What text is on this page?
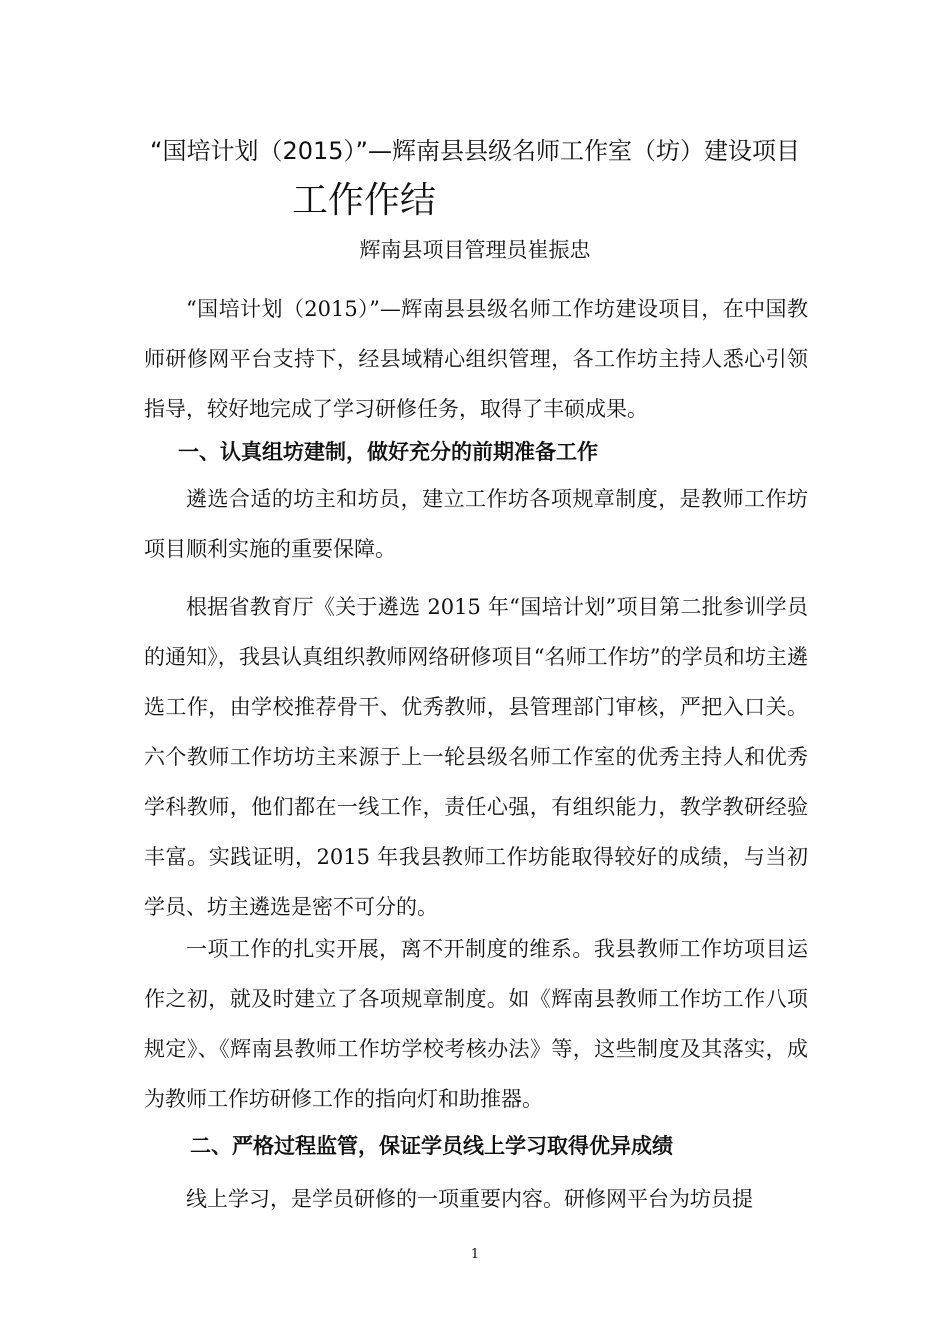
“国培计划（2015）”—辉南县县级名师工作室（坊）建设项目
工作作结
辉南县项目管理员崔振忠

“国培计划（2015）”—辉南县县级名师工作坊建设项目，在中国教师研修网平台支持下，经县域精心组织管理，各工作坊主持人悉心引领指导，较好地完成了学习研修任务，取得了丰硕成果。

一、认真组坊建制，做好充分的前期准备工作

遴选合适的坊主和坊员，建立工作坊各项规章制度，是教师工作坊项目顺利实施的重要保障。

根据省教育厅《关于遴选 2015 年“国培计划”项目第二批参训学员的通知》，我县认真组织教师网络研修项目“名师工作坊”的学员和坊主遴选工作，由学校推荐骨干、优秀教师，县管理部门审核，严把入口关。六个教师工作坊坊主来源于上一轮县级名师工作室的优秀主持人和优秀学科教师，他们都在一线工作，责任心强，有组织能力，教学教研经验丰富。实践证明，2015 年我县教师工作坊能取得较好的成绩，与当初学员、坊主遴选是密不可分的。

一项工作的扎实开展，离不开制度的维系。我县教师工作坊项目运作之初，就及时建立了各项规章制度。如《辉南县教师工作坊工作八项规定》、《辉南县教师工作坊学校考核办法》等，这些制度及其落实，成为教师工作坊研修工作的指向灯和助推器。

二、严格过程监管，保证学员线上学习取得优异成绩

线上学习，是学员研修的一项重要内容。研修网平台为坊员提

1
